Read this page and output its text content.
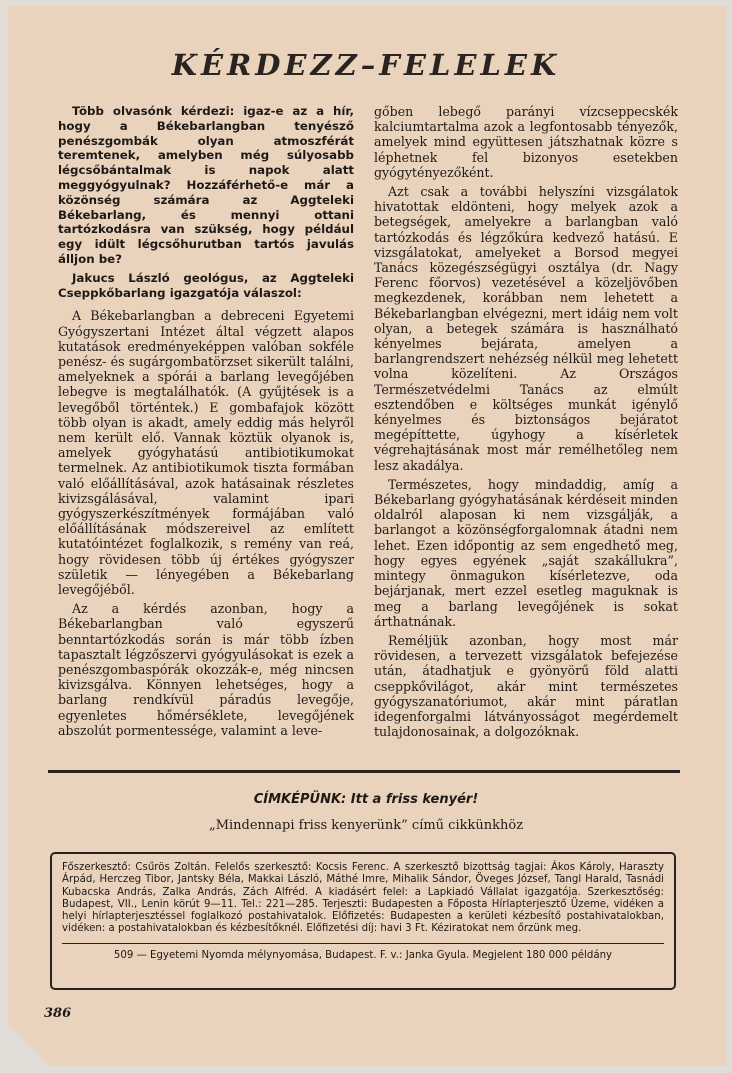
KÉRDEZZ–FELELEK

Több olvasónk kérdezi: igaz-e az a hír, hogy a Békebarlangban tenyésző penészgombák olyan atmoszférát teremtenek, amelyben még súlyosabb légcsőbántalmak is napok alatt meggyógyulnak? Hozzáférhető-e már a közönség számára az Aggteleki Békebarlang, és mennyi ottani tartózkodásra van szükség, hogy például egy idült légcsőhurutban tartós javulás álljon be?

Jakucs László geológus, az Aggteleki Cseppkőbarlang igazgatója válaszol:

A Békebarlangban a debreceni Egyetemi Gyógyszertani Intézet által végzett alapos kutatások eredményeképpen valóban sokféle penész- és sugárgombatörzset sikerült találni, amelyeknek a spórái a barlang levegőjében lebegve is megtalálhatók. (A gyűjtések is a levegőből történtek.) E gombafajok között több olyan is akadt, amely eddig más helyről nem került elő. Vannak köztük olyanok is, amelyek gyógyhatású antibiotikumokat termelnek. Az antibiotikumok tiszta formában való előállításával, azok hatásainak részletes kivizsgálásával, valamint ipari gyógyszerkészítmények formájában való előállításának módszereivel az említett kutatóintézet foglalkozik, s remény van reá, hogy rövidesen több új értékes gyógyszer születik — lényegében a Békebarlang levegőjéből.

Az a kérdés azonban, hogy a Békebarlangban való egyszerű benntartózkodás során is már több ízben tapasztalt légzőszervi gyógyulásokat is ezek a penészgombaspórák okozzák-e, még nincsen kivizsgálva. Könnyen lehetséges, hogy a barlang rendkívül páradús levegője, egyenletes hőmérséklete, levegőjének abszolút pormentessége, valamint a leve-

gőben lebegő parányi vízcseppecskék kalciumtartalma azok a legfontosabb tényezők, amelyek mind együttesen játszhatnak közre s léphetnek fel bizonyos esetekben gyógytényezőként.

Azt csak a további helyszíni vizsgálatok hivatottak eldönteni, hogy melyek azok a betegségek, amelyekre a barlangban való tartózkodás és légzőkúra kedvező hatású. E vizsgálatokat, amelyeket a Borsod megyei Tanács közegészségügyi osztálya (dr. Nagy Ferenc főorvos) vezetésével a közeljövőben megkezdenek, korábban nem lehetett a Békebarlangban elvégezni, mert idáig nem volt olyan, a betegek számára is használható kényelmes bejárata, amelyen a barlangrendszert nehézség nélkül meg lehetett volna közelíteni. Az Országos Természetvédelmi Tanács az elmúlt esztendőben e költséges munkát igénylő kényelmes és biztonságos bejáratot megépíttette, úgyhogy a kísérletek végrehajtásának most már remélhetőleg nem lesz akadálya.

Természetes, hogy mindaddig, amíg a Békebarlang gyógyhatásának kérdéseit minden oldalról alaposan ki nem vizsgálják, a barlangot a közönségforgalomnak átadni nem lehet. Ezen időpontig az sem engedhető meg, hogy egyes egyének „saját szakállukra”, mintegy önmagukon kísérletezve, oda bejárjanak, mert ezzel esetleg maguknak is meg a barlang levegőjének is sokat árthatnának.

Reméljük azonban, hogy most már rövidesen, a tervezett vizsgálatok befejezése után, átadhatjuk e gyönyörű föld alatti cseppkővilágot, akár mint természetes gyógyszanatóriumot, akár mint páratlan idegenforgalmi látványosságot megérdemelt tulajdonosainak, a dolgozóknak.

CÍMKÉPÜNK: Itt a friss kenyér!
„Mindennapi friss kenyerünk” című cikkünkhöz
Főszerkesztő: Csűrös Zoltán. Felelős szerkesztő: Kocsis Ferenc. A szerkesztő bizottság tagjai: Ákos Károly, Haraszty Árpád, Herczeg Tibor, Jantsky Béla, Makkai László, Máthé Imre, Mihalik Sándor, Öveges József, Tangl Harald, Tasnádi Kubacska András, Zalka András, Zách Alfréd. A kiadásért felel: a Lapkiadó Vállalat igazgatója. Szerkesztőség: Budapest, VII., Lenin körút 9—11. Tel.: 221—285. Terjeszti: Budapesten a Főposta Hírlapterjesztő Üzeme, vidéken a helyi hírlapterjesztéssel foglalkozó postahivatalok. Előfizetés: Budapesten a kerületi kézbesítő postahivatalokban, vidéken: a postahivatalokban és kézbesítőknél. Előfizetési díj: havi 3 Ft. Kéziratokat nem őrzünk meg.
509 — Egyetemi Nyomda mélynyomása, Budapest. F. v.: Janka Gyula. Megjelent 180 000 példány
386
